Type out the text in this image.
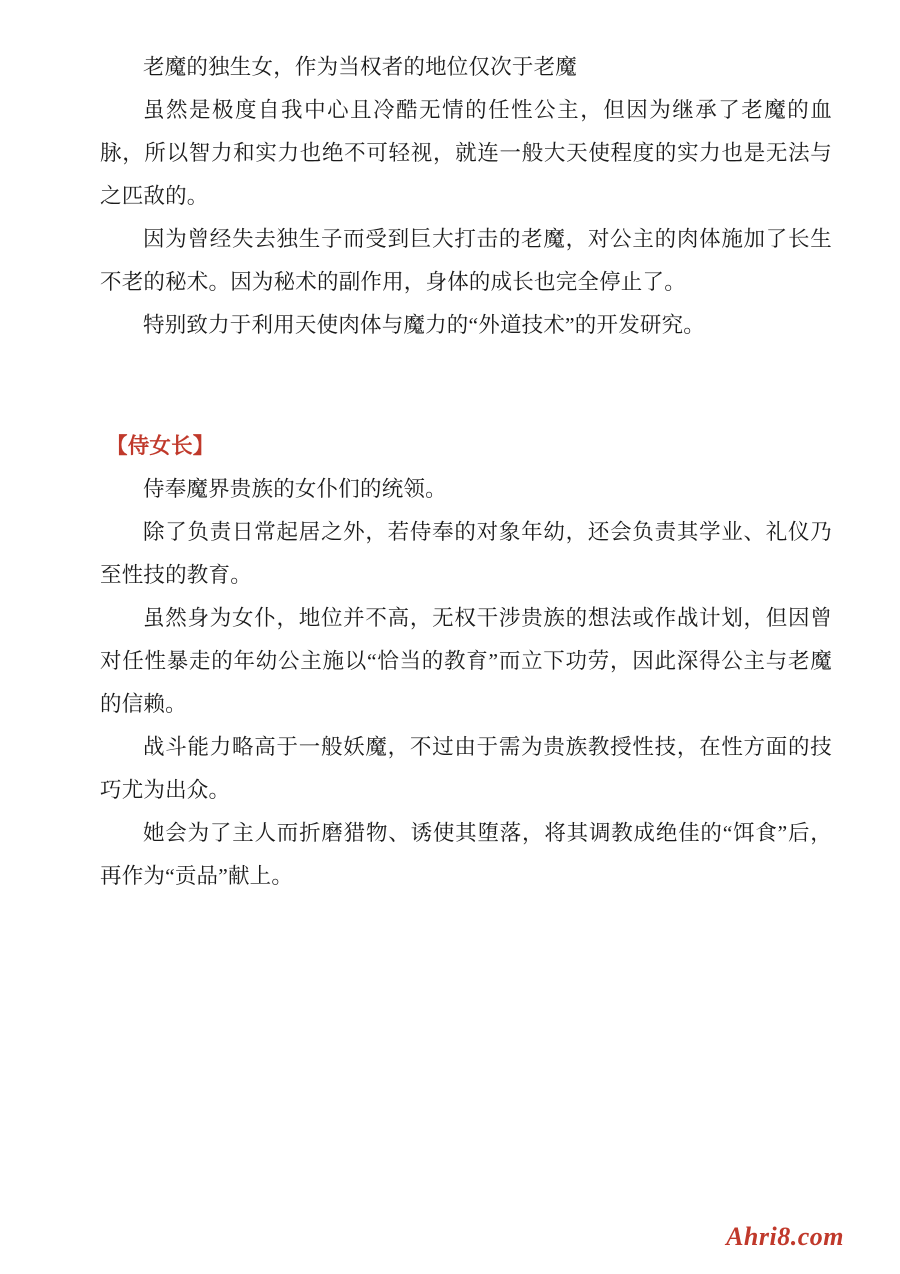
老魔的独生女，作为当权者的地位仅次于老魔

虽然是极度自我中心且冷酷无情的任性公主，但因为继承了老魔的血脉，所以智力和实力也绝不可轻视，就连一般大天使程度的实力也是无法与之匹敌的。

因为曾经失去独生子而受到巨大打击的老魔，对公主的肉体施加了长生不老的秘术。因为秘术的副作用，身体的成长也完全停止了。

特别致力于利用天使肉体与魔力的“外道技术”的开发研究。

【侍女长】

侍奉魔界贵族的女仆们的统领。

除了负责日常起居之外，若侍奉的对象年幼，还会负责其学业、礼仪乃至性技的教育。

虽然身为女仆，地位并不高，无权干涉贵族的想法或作战计划，但因曾对任性暴走的年幼公主施以“恰当的教育”而立下功劳，因此深得公主与老魔的信赖。

战斗能力略高于一般妖魔，不过由于需为贵族教授性技，在性方面的技巧尤为出众。

她会为了主人而折磨猎物、诱使其堕落，将其调教成绝佳的“饵食”后，再作为“贡品”献上。

Ahri8.com
